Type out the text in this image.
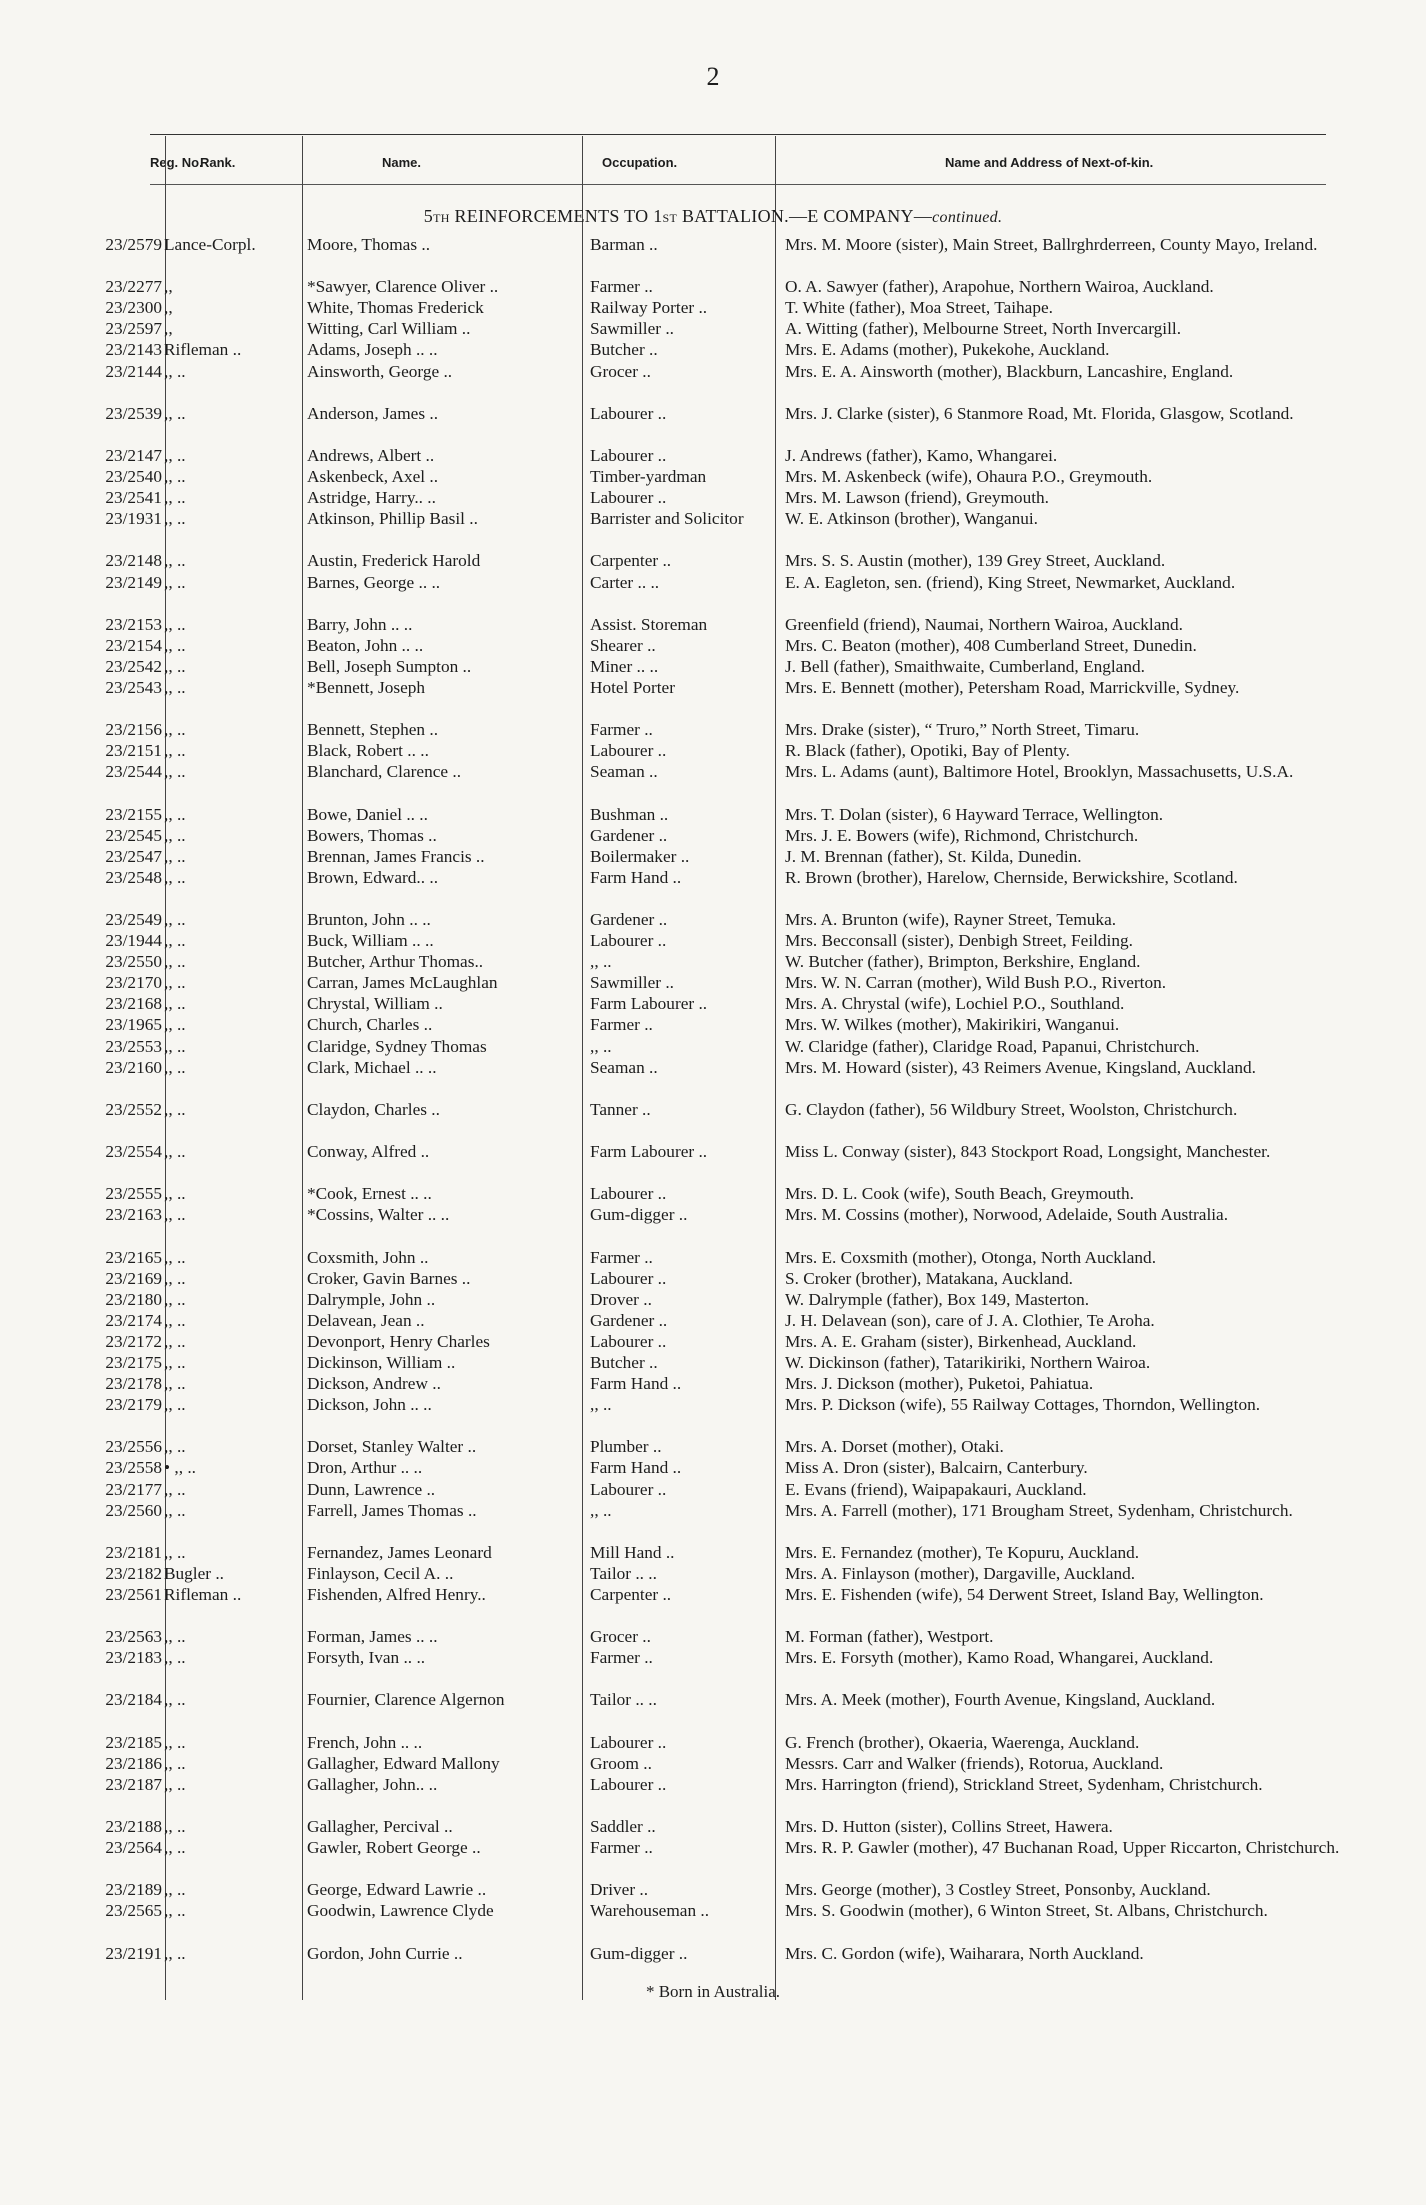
2
Reg. No.
Rank.	Name.	Occupation.	Name and Address of Next-of-kin.
5TH REINFORCEMENTS TO 1ST BATTALION.—E COMPANY—continued.
23/2579 Lance-Corpl.	Moore, Thomas ..	Barman ..	Mrs. M. Moore (sister), Main Street, Ballrghrderreen, County Mayo, Ireland.
23/2277 ,,	*Sawyer, Clarence Oliver ..	Farmer ..	O. A. Sawyer (father), Arapohue, Northern Wairoa, Auckland.
23/2300 ,,	White, Thomas Frederick	Railway Porter ..	T. White (father), Moa Street, Taihape.
23/2597 ,,	Witting, Carl William ..	Sawmiller ..	A. Witting (father), Melbourne Street, North Invercargill.
23/2143 Rifleman ..	Adams, Joseph .. ..	Butcher ..	Mrs. E. Adams (mother), Pukekohe, Auckland.
23/2144 ,, ..	Ainsworth, George ..	Grocer ..	Mrs. E. A. Ainsworth (mother), Blackburn, Lancashire, England.
23/2539 ,, ..	Anderson, James ..	Labourer ..	Mrs. J. Clarke (sister), 6 Stanmore Road, Mt. Florida, Glasgow, Scotland.
23/2147 ,, ..	Andrews, Albert ..	Labourer ..	J. Andrews (father), Kamo, Whangarei.
23/2540 ,, ..	Askenbeck, Axel ..	Timber-yardman	Mrs. M. Askenbeck (wife), Ohaura P.O., Greymouth.
23/2541 ,, ..	Astridge, Harry.. ..	Labourer ..	Mrs. M. Lawson (friend), Greymouth.
23/1931 ,, ..	Atkinson, Phillip Basil ..	Barrister and Solicitor	W. E. Atkinson (brother), Wanganui.
23/2148 ,, ..	Austin, Frederick Harold	Carpenter ..	Mrs. S. S. Austin (mother), 139 Grey Street, Auckland.
23/2149 ,, ..	Barnes, George .. ..	Carter .. ..	E. A. Eagleton, sen. (friend), King Street, Newmarket, Auckland.
23/2153 ,, ..	Barry, John .. ..	Assist. Storeman	Greenfield (friend), Naumai, Northern Wairoa, Auckland.
23/2154 ,, ..	Beaton, John .. ..	Shearer ..	Mrs. C. Beaton (mother), 408 Cumberland Street, Dunedin.
23/2542 ,, ..	Bell, Joseph Sumpton ..	Miner .. ..	J. Bell (father), Smaithwaite, Cumberland, England.
23/2543 ,, ..	*Bennett, Joseph	Hotel Porter	Mrs. E. Bennett (mother), Petersham Road, Marrickville, Sydney.
23/2156 ,, ..	Bennett, Stephen ..	Farmer ..	Mrs. Drake (sister), “ Truro,” North Street, Timaru.
23/2151 ,, ..	Black, Robert .. ..	Labourer ..	R. Black (father), Opotiki, Bay of Plenty.
23/2544 ,, ..	Blanchard, Clarence ..	Seaman ..	Mrs. L. Adams (aunt), Baltimore Hotel, Brooklyn, Massachusetts, U.S.A.
23/2155 ,, ..	Bowe, Daniel .. ..	Bushman ..	Mrs. T. Dolan (sister), 6 Hayward Terrace, Wellington.
23/2545 ,, ..	Bowers, Thomas ..	Gardener ..	Mrs. J. E. Bowers (wife), Richmond, Christchurch.
23/2547 ,, ..	Brennan, James Francis ..	Boilermaker ..	J. M. Brennan (father), St. Kilda, Dunedin.
23/2548 ,, ..	Brown, Edward.. ..	Farm Hand ..	R. Brown (brother), Harelow, Chernside, Berwickshire, Scotland.
23/2549 ,, ..	Brunton, John .. ..	Gardener ..	Mrs. A. Brunton (wife), Rayner Street, Temuka.
23/1944 ,, ..	Buck, William .. ..	Labourer ..	Mrs. Becconsall (sister), Denbigh Street, Feilding.
23/2550 ,, ..	Butcher, Arthur Thomas..	,, ..	W. Butcher (father), Brimpton, Berkshire, England.
23/2170 ,, ..	Carran, James McLaughlan	Sawmiller ..	Mrs. W. N. Carran (mother), Wild Bush P.O., Riverton.
23/2168 ,, ..	Chrystal, William ..	Farm Labourer ..	Mrs. A. Chrystal (wife), Lochiel P.O., Southland.
23/1965 ,, ..	Church, Charles ..	Farmer ..	Mrs. W. Wilkes (mother), Makirikiri, Wanganui.
23/2553 ,, ..	Claridge, Sydney Thomas	,, ..	W. Claridge (father), Claridge Road, Papanui, Christchurch.
23/2160 ,, ..	Clark, Michael .. ..	Seaman ..	Mrs. M. Howard (sister), 43 Reimers Avenue, Kingsland, Auckland.
23/2552 ,, ..	Claydon, Charles ..	Tanner ..	G. Claydon (father), 56 Wildbury Street, Woolston, Christchurch.
23/2554 ,, ..	Conway, Alfred ..	Farm Labourer ..	Miss L. Conway (sister), 843 Stockport Road, Longsight, Manchester.
23/2555 ,, ..	*Cook, Ernest .. ..	Labourer ..	Mrs. D. L. Cook (wife), South Beach, Greymouth.
23/2163 ,, ..	*Cossins, Walter .. ..	Gum-digger ..	Mrs. M. Cossins (mother), Norwood, Adelaide, South Australia.
23/2165 ,, ..	Coxsmith, John ..	Farmer ..	Mrs. E. Coxsmith (mother), Otonga, North Auckland.
23/2169 ,, ..	Croker, Gavin Barnes ..	Labourer ..	S. Croker (brother), Matakana, Auckland.
23/2180 ,, ..	Dalrymple, John ..	Drover ..	W. Dalrymple (father), Box 149, Masterton.
23/2174 ,, ..	Delavean, Jean ..	Gardener ..	J. H. Delavean (son), care of J. A. Clothier, Te Aroha.
23/2172 ,, ..	Devonport, Henry Charles	Labourer ..	Mrs. A. E. Graham (sister), Birkenhead, Auckland.
23/2175 ,, ..	Dickinson, William ..	Butcher ..	W. Dickinson (father), Tatarikiriki, Northern Wairoa.
23/2178 ,, ..	Dickson, Andrew ..	Farm Hand ..	Mrs. J. Dickson (mother), Puketoi, Pahiatua.
23/2179 ,, ..	Dickson, John .. ..	,, ..	Mrs. P. Dickson (wife), 55 Railway Cottages, Thorndon, Wellington.
23/2556 ,, ..	Dorset, Stanley Walter ..	Plumber ..	Mrs. A. Dorset (mother), Otaki.
23/2558 • ,, ..	Dron, Arthur .. ..	Farm Hand ..	Miss A. Dron (sister), Balcairn, Canterbury.
23/2177 ,, ..	Dunn, Lawrence ..	Labourer ..	E. Evans (friend), Waipapakauri, Auckland.
23/2560 ,, ..	Farrell, James Thomas ..	,, ..	Mrs. A. Farrell (mother), 171 Brougham Street, Sydenham, Christchurch.
23/2181 ,, ..	Fernandez, James Leonard	Mill Hand ..	Mrs. E. Fernandez (mother), Te Kopuru, Auckland.
23/2182 Bugler ..	Finlayson, Cecil A. ..	Tailor .. ..	Mrs. A. Finlayson (mother), Dargaville, Auckland.
23/2561 Rifleman ..	Fishenden, Alfred Henry..	Carpenter ..	Mrs. E. Fishenden (wife), 54 Derwent Street, Island Bay, Wellington.
23/2563 ,, ..	Forman, James .. ..	Grocer ..	M. Forman (father), Westport.
23/2183 ,, ..	Forsyth, Ivan .. ..	Farmer ..	Mrs. E. Forsyth (mother), Kamo Road, Whangarei, Auckland.
23/2184 ,, ..	Fournier, Clarence Algernon	Tailor .. ..	Mrs. A. Meek (mother), Fourth Avenue, Kingsland, Auckland.
23/2185 ,, ..	French, John .. ..	Labourer ..	G. French (brother), Okaeria, Waerenga, Auckland.
23/2186 ,, ..	Gallagher, Edward Mallony	Groom ..	Messrs. Carr and Walker (friends), Rotorua, Auckland.
23/2187 ,, ..	Gallagher, John.. ..	Labourer ..	Mrs. Harrington (friend), Strickland Street, Sydenham, Christchurch.
23/2188 ,, ..	Gallagher, Percival ..	Saddler ..	Mrs. D. Hutton (sister), Collins Street, Hawera.
23/2564 ,, ..	Gawler, Robert George ..	Farmer ..	Mrs. R. P. Gawler (mother), 47 Buchanan Road, Upper Riccarton, Christchurch.
23/2189 ,, ..	George, Edward Lawrie ..	Driver ..	Mrs. George (mother), 3 Costley Street, Ponsonby, Auckland.
23/2565 ,, ..	Goodwin, Lawrence Clyde	Warehouseman ..	Mrs. S. Goodwin (mother), 6 Winton Street, St. Albans, Christchurch.
23/2191 ,, ..	Gordon, John Currie ..	Gum-digger ..	Mrs. C. Gordon (wife), Waiharara, North Auckland.
* Born in Australia.
